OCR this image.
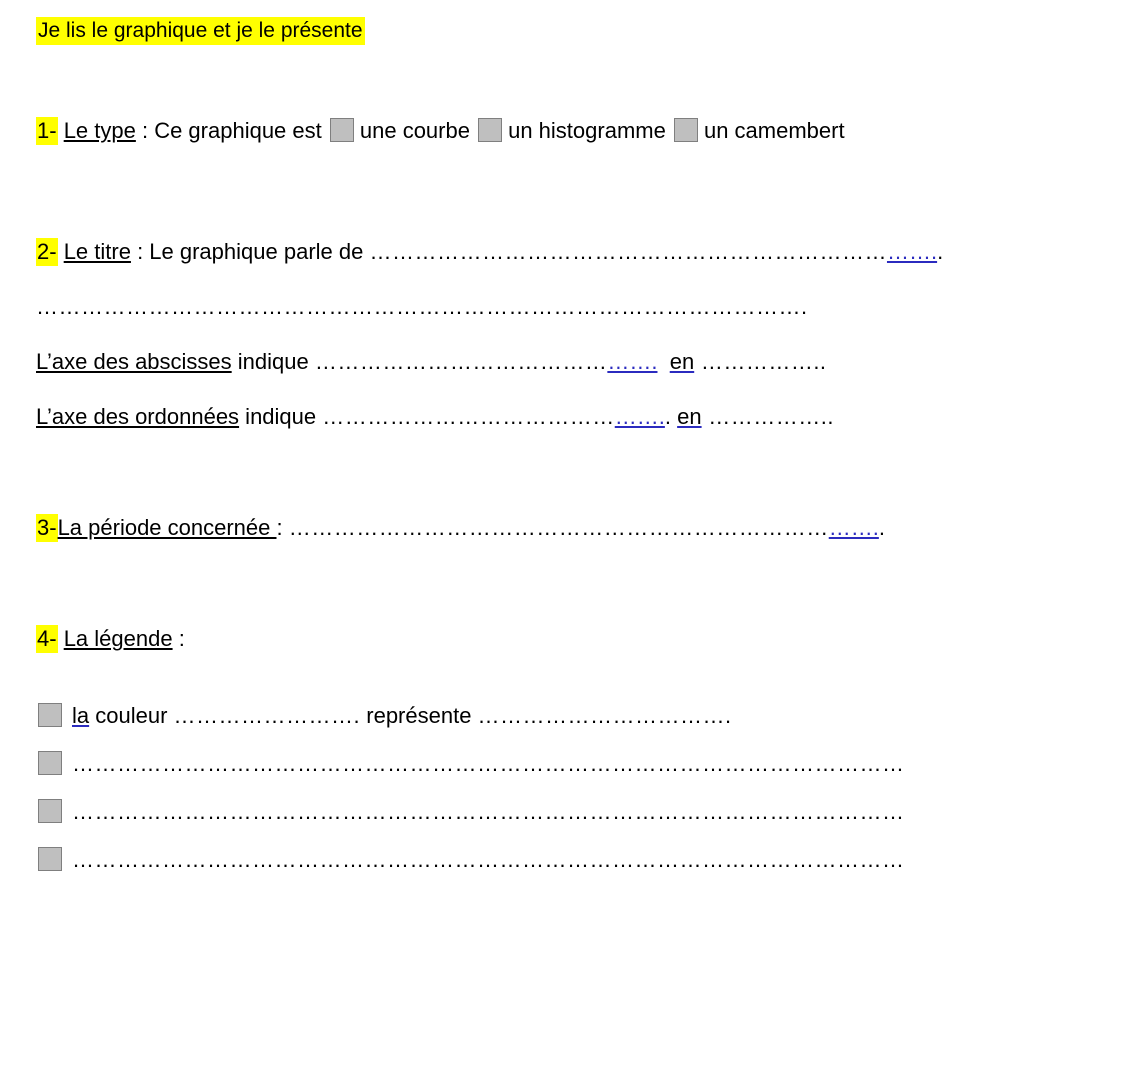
Je lis le graphique et je le présente
1- Le type : Ce graphique est une courbe un histogramme un camembert
2- Le titre : Le graphique parle de …………………………………………………………………..
………………………………………………………………………………………….
L’axe des abscisses indique ………………………………………. en ……………..
L’axe des ordonnées indique ……………………………………….. en ……………..
3-La période concernée : ……………………………………………………………………..
4- La légende :
la couleur ……………………. représente …………………………….
…………………………………………………………………………………………………
…………………………………………………………………………………………………
…………………………………………………………………………………………………
